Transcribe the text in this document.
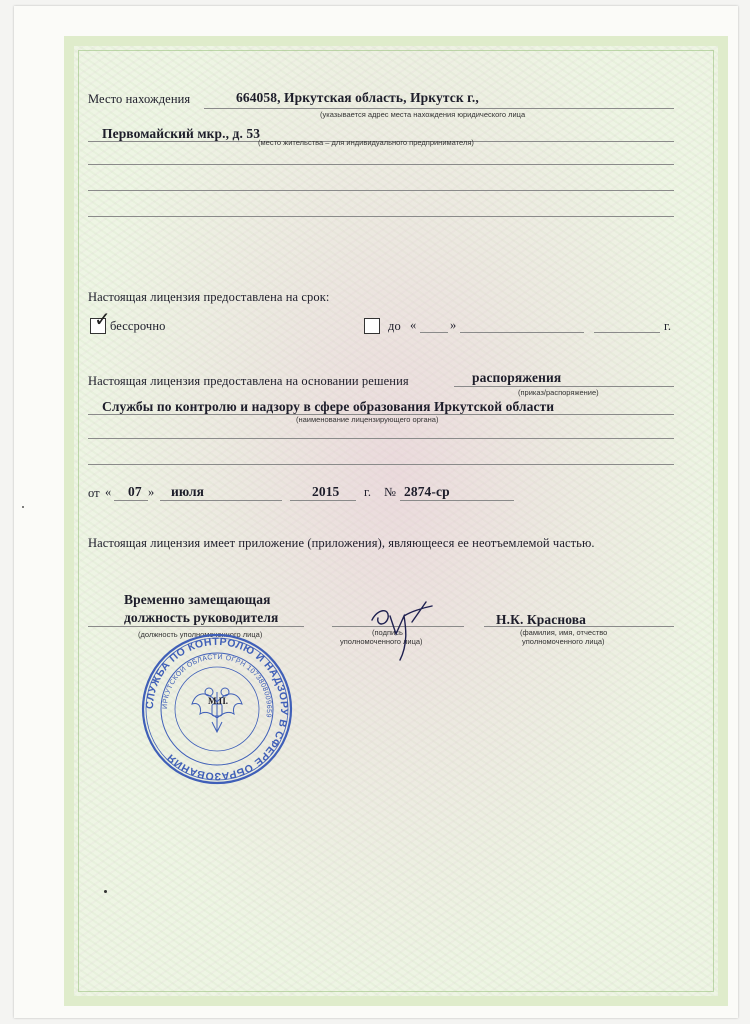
Место нахождения	664058, Иркутская область, Иркутск г.,
(указывается адрес места нахождения юридического лица
Первомайский мкр., д. 53
(место жительства – для индивидуального предпринимателя)
Настоящая лицензия предоставлена на срок:
✓ бессрочно	до «	»	г.
Настоящая лицензия предоставлена на основании решения	распоряжения
(приказ/распоряжение)
Службы по контролю и надзору в сфере образования Иркутской области
(наименование лицензирующего органа)
от « 07 » июля	2015 г. № 2874-ср
Настоящая лицензия имеет приложение (приложения), являющееся ее неотъемлемой частью.
Временно замещающая
должность руководителя
(должность уполномоченного лица)	(подпись
уполномоченного лица)
Н.К. Краснова
(фамилия, имя, отчество
уполномоченного лица)
СЛУЖБА ПО КОНТРОЛЮ И НАДЗОРУ В СФЕРЕ ОБРАЗОВАНИЯ
ИРКУТСКОЙ ОБЛАСТИ ОГРН 1073808009659
М.П.
